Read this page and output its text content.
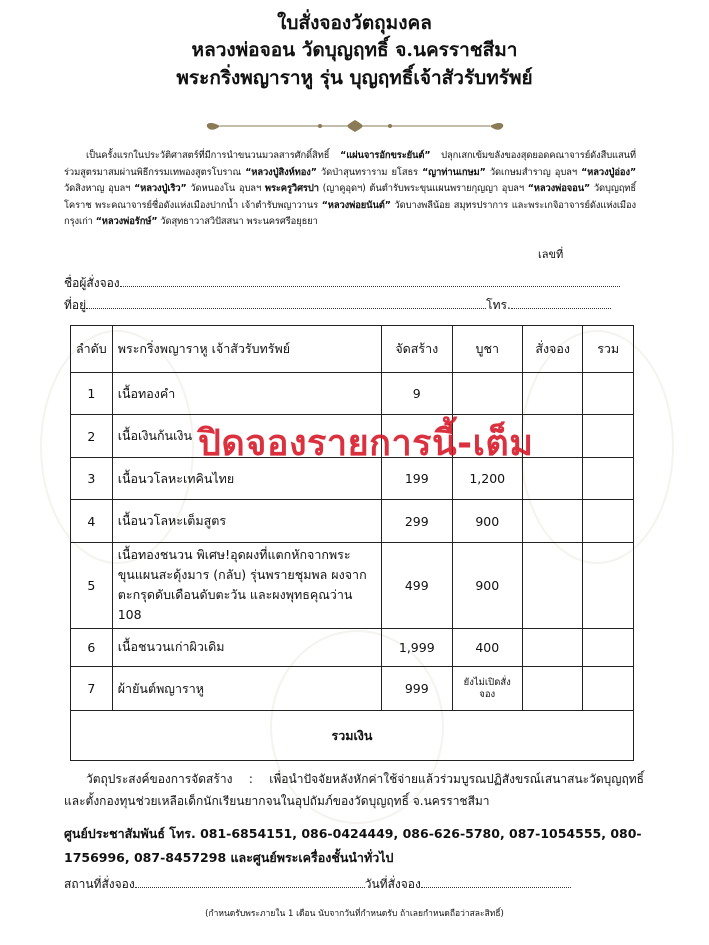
ใบสั่งจองวัตถุมงคล
หลวงพ่อจอน วัดบุญฤทธิ์ จ.นครราชสีมา
พระกริ่งพญาราหู รุ่น บุญฤทธิ์เจ้าสัวรับทรัพย์
เป็นครั้งแรกในประวัติศาสตร์ที่มีการนำขนวนมวลสารศักดิ์สิทธิ์ “แผ่นจารอักขระยันต์” ปลุกเสกเข้มขลังของสุดยอดคณาจารย์ดังสืบแสนที่ร่วมสูตรมาสมผ่านพิธีกรรมเทพองสูตรโบราณ “หลวงปู่สิงห์ทอง” วัดป่าสุนทราราม ยโสธร “ญาท่านเกษม” วัดเกษมสำราญ อุบลฯ “หลวงปู่อ่อง” วัดสิงหาญ อุบลฯ “หลวงปู่เริว” วัดหนองโน อุบลฯ พระครูวิศรปา (ญาคูอุดฯ) ต้นตำรับพระขุนแผนพรายกุญญา อุบลฯ “หลวงพ่อจอน” วัดบุญฤทธิ์ โคราช พระคณาจารย์ชื่อดังแห่งเมืองปากน้ำ เจ้าตำรับพญาวานร “หลวงพ่อยนันต์” วัดบางพลีน้อย สมุทรปราการ และพระเกจิอาจารย์ดังแห่งเมืองกรุงเก่า “หลวงพ่อรักษ์” วัดสุทธาวาสวิปัสสนา พระนครศรีอยุธยา
เลขที่
ชื่อผู้สั่งจอง
ที่อยู่	โทร.
ลำดับ	พระกริ่งพญาราหู เจ้าสัวรับทรัพย์	จัดสร้าง	บูชา	สั่งจอง	รวม
1	เนื้อทองคำ	9			
2	เนื้อเงินก้นเงิน				
3	เนื้อนวโลหะเทคินไทย	199	1,200		
4	เนื้อนวโลหะเต็มสูตร	299	900		
5	เนื้อทองชนวน พิเศษ!อุดผงที่แตกหักจากพระขุนแผนสะดุ้งมาร (กลับ) รุ่นพรายชุมพล ผงจากตะกรุดดับเดือนดับตะวัน และผงพุทธคุณว่าน 108	499	900		
6	เนื้อชนวนเก่าผิวเดิม	1,999	400		
7	ผ้ายันต์พญาราหู	999	ยังไม่เปิดสั่งจอง		
รวมเงิน					
ปิดจองรายการนี้-เต็ม
วัตถุประสงค์ของการจัดสร้าง : เพื่อนำปัจจัยหลังหักค่าใช้จ่ายแล้วร่วมบูรณปฏิสังขรณ์เสนาสนะวัดบุญฤทธิ์ และตั้งกองทุนช่วยเหลือเด็กนักเรียนยากจนในอุปถัมภ์ของวัดบุญฤทธิ์ จ.นครราชสีมา
ศูนย์ประชาสัมพันธ์ โทร. 081-6854151, 086-0424449, 086-626-5780, 087-1054555, 080-1756996, 087-8457298 และศูนย์พระเครื่องชั้นนำทั่วไป
สถานที่สั่งจอง	วันที่สั่งจอง
(กำหนดรับพระภายใน 1 เดือน นับจากวันที่กำหนดรับ ถ้าเลยกำหนดถือว่าสละสิทธิ์)
